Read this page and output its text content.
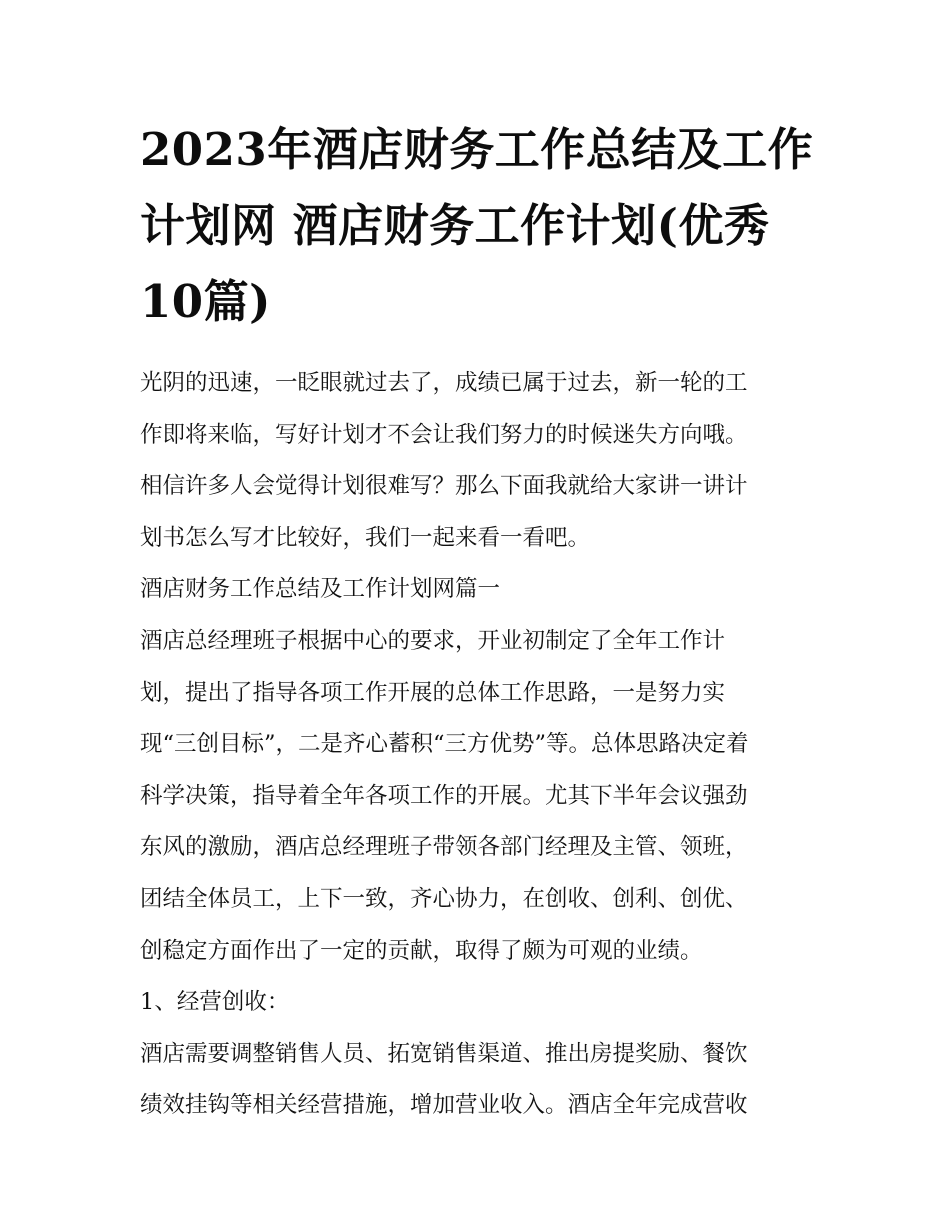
2023年酒店财务工作总结及工作计划网 酒店财务工作计划(优秀10篇)

光阴的迅速，一眨眼就过去了，成绩已属于过去，新一轮的工
作即将来临，写好计划才不会让我们努力的时候迷失方向哦。
相信许多人会觉得计划很难写？那么下面我就给大家讲一讲计
划书怎么写才比较好，我们一起来看一看吧。

酒店财务工作总结及工作计划网篇一

酒店总经理班子根据中心的要求，开业初制定了全年工作计
划，提出了指导各项工作开展的总体工作思路，一是努力实
现“三创目标”，二是齐心蓄积“三方优势”等。总体思路决定着
科学决策，指导着全年各项工作的开展。尤其下半年会议强劲
东风的激励，酒店总经理班子带领各部门经理及主管、领班，
团结全体员工，上下一致，齐心协力，在创收、创利、创优、
创稳定方面作出了一定的贡献，取得了颇为可观的业绩。

1、经营创收：

酒店需要调整销售人员、拓宽销售渠道、推出房提奖励、餐饮
绩效挂钩等相关经营措施，增加营业收入。酒店全年完成营收
